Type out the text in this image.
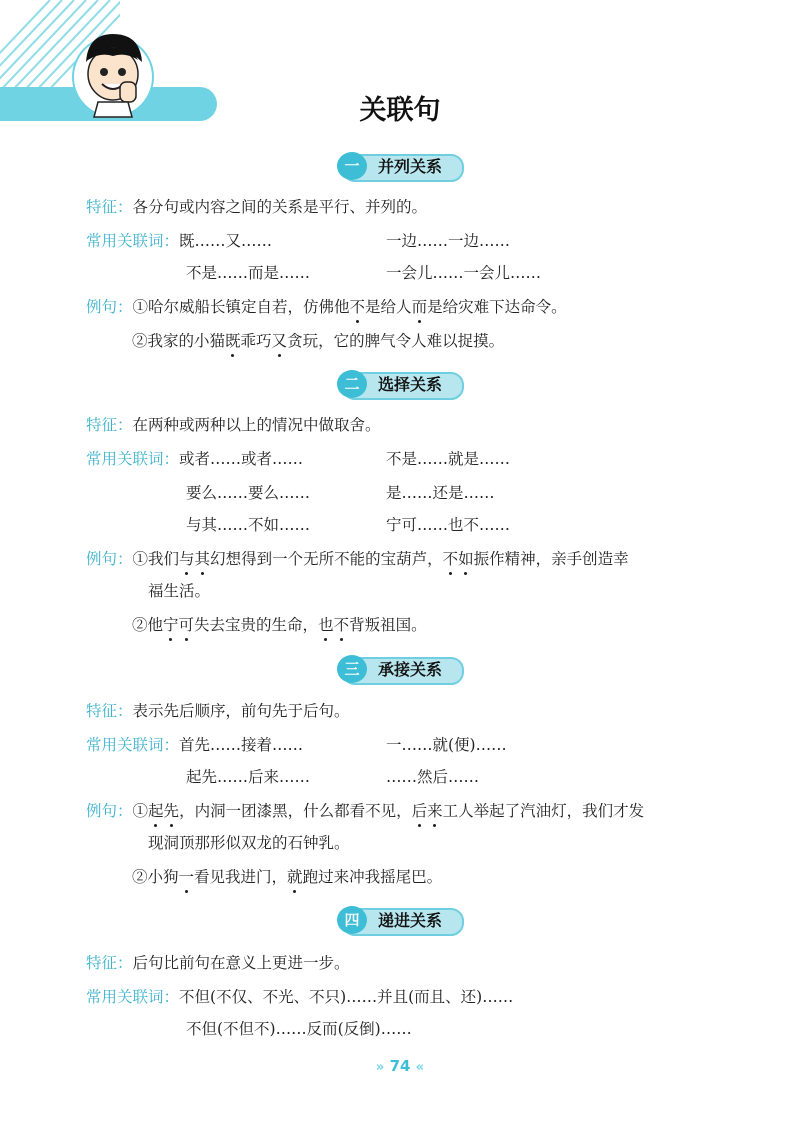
关联句
一	并列关系
特征：各分句或内容之间的关系是平行、并列的。
常用关联词：既……又……	一边……一边……
不是……而是……	一会儿……一会儿……
例句：①哈尔威船长镇定自若，仿佛他不是给人而是给灾难下达命令。
②我家的小猫既乖巧又贪玩，它的脾气令人难以捉摸。
二	选择关系
特征：在两种或两种以上的情况中做取舍。
常用关联词：或者……或者……	不是……就是……
要么……要么……	是……还是……
与其……不如……	宁可……也不……
例句：①我们与其幻想得到一个无所不能的宝葫芦，不如振作精神，亲手创造幸
福生活。
②他宁可失去宝贵的生命，也不背叛祖国。
三	承接关系
特征：表示先后顺序，前句先于后句。
常用关联词：首先……接着……	一……就(便)……
起先……后来……	……然后……
例句：①起先，内洞一团漆黑，什么都看不见，后来工人举起了汽油灯，我们才发
现洞顶那形似双龙的石钟乳。
②小狗一看见我进门，就跑过来冲我摇尾巴。
四	递进关系
特征：后句比前句在意义上更进一步。
常用关联词：不但(不仅、不光、不只)……并且(而且、还)……
不但(不但不)……反而(反倒)……
» 74 «
